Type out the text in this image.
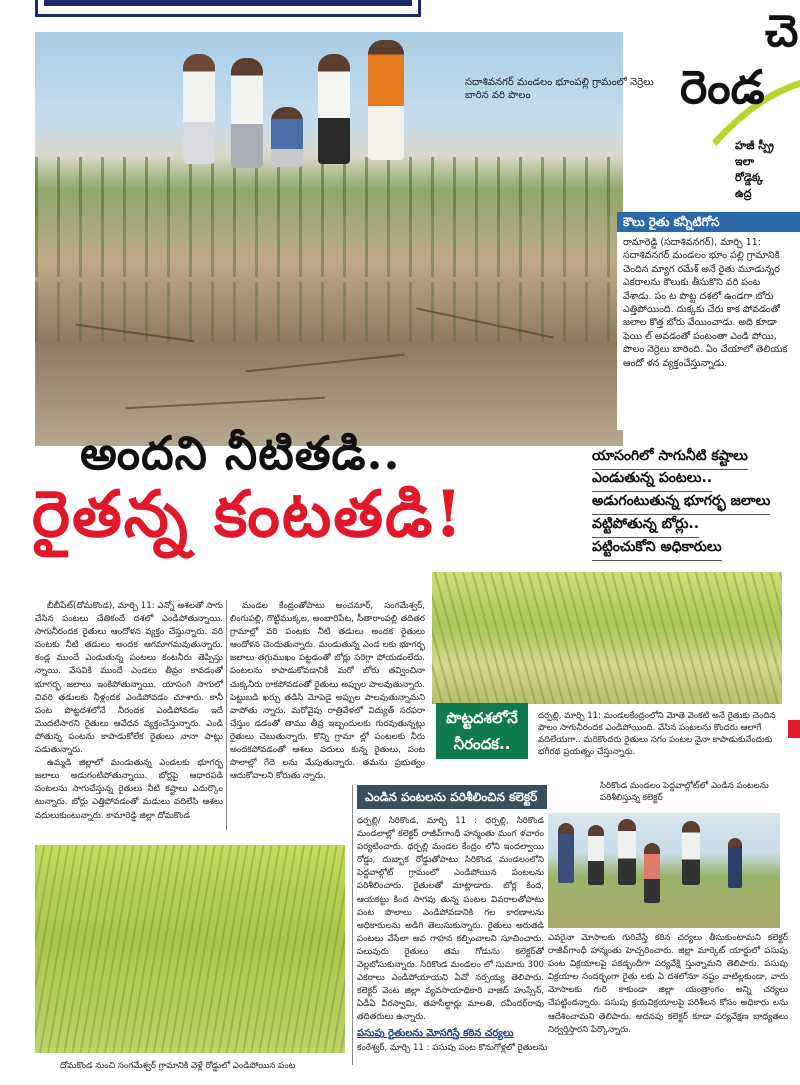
చె
రెండ
హజీ స్ప్రీ
ఇలా
రోడ్డెక్క
ఉద్ర
సదాశివనగర్ మండలం భూంపల్లి గ్రామంలో నెర్రెలు బారిన వరి పొలం
కౌలు రైతు కన్నీటిగోస
రామారెడ్డి (సదాశివనగర్), మార్చి 11: సదాశివనగర్ మండలం భూం పల్లి గ్రామానికి చెందిన మ్యాగ రమేశ్ అనే రైతు మూడున్నర ఎకరాలను కౌలుకు తీసుకొని వరి పంట వేశాడు. పం ట పొట్ట దశలో ఉండగా బోరు ఎత్తిపోయింది. దుక్కకు చేరు కాక పోవడంతో జలాల కొత్త బోరు వేయించాడు. అది కూడా ఫెయి ల్ అవడంతో పంటంతా ఎండి పోయి, పొలం నెర్రెలు బారింది. ఏం చేయాలో తెలియక ఆందో ళన వ్యక్తంచేస్తున్నాడు.
అందని నీటితడి..
రైతన్న కంటతడి!
యాసంగిలో సాగునీటి కష్టాలు
ఎండుతున్న పంటలు..
అడుగంటుతున్న భూగర్భ జలాలు
వట్టిపోతున్న బోర్లు..
పట్టించుకోని అధికారులు

బీబీపేట్(దోమకొండ), మార్చి 11: ఎన్నో ఆశలతో సాగు చేసిన పంటలు చేతికందే దశలో ఎండిపోతున్నాయి. సాగునీరందక రైతులు ఆందోళన వ్యక్తం చేస్తున్నారు. వరి పంటకు నీటి తడులు అందక ఆగమాగమవుతున్నారు. కండ్ల ముందే ఎండుతున్న పంటలు కంటనీరు తెప్పిస్తు న్నాయి. వేసవికి ముందే ఎండలు తీవ్రం కావడంతో భూగర్భ జలాలు ఇంకిపోతున్నాయి. యాసంగి సాగులో చివరి తడులకు నీళ్లందక ఎండిపోవడం చూశారు. కానీ పంట పొట్టదశలోనే నీరందక ఎండిపోవడం ఇదే మొదటిసారని రైతులు ఆవేదన వ్యక్తంచేస్తున్నారు. ఎండి పోతున్న పంటను కాపాడుకోలేక రైతులు నానా పాట్లు పడుతున్నారు.

ఉమ్మడి జిల్లాలో మండుతున్న ఎండలకు భూగర్భ జలాలు అడుగంటిపోతున్నాయి. బోర్లపై ఆధారపడి పంటలను సాగుచేస్తున్న రైతులు నీటి కష్టాలు ఎదుర్కొం టున్నారు. బోర్లు ఎత్తిపోవడంతో మడులు వదిలేసి ఆశలు వదులుకుంటున్నారు. కామారెడ్డి జిల్లా దోమకొండ

మండల కేంద్రంతోపాటు అంచనూర్, సంగమేశ్వర్, లింగుపల్లి, గొట్టిముక్కల, అంబారిపేట, సీతారాంపల్లి తదితర గ్రామాల్లో వరి పంటకు నీటి తడులు అందక రైతులు ఆందోళన చెందుతున్నారు. మండుతున్న ఎండ లకు భూగర్భ జలాలు తగ్గుముఖం పట్టడంతో బోర్లు సరిగ్గా పోయడంలేదు. పంటలను కాపాడుకోవడానికి మరో బోరు తవ్వించినా చుక్కనీరు రాకపోవడంతో రైతులు అప్పుల పాలవుతున్నారు. పెట్టుబడి ఖర్చు తడిసి మోపెడై అప్పుల పాలవుతున్నామని వాపోతు న్నారు. మరోవైపు రాత్రివేళలో విద్యుత్ సరఫరా చేస్తుం డడంతో తాము తీవ్ర ఇబ్బందులకు గురవుతున్నట్లు రైతులు చెబుతున్నారు. కొన్ని గ్రామా ల్లో పంటలకు నీరు అందకపోవడంతో ఆశలు వదులు కున్న రైతులు, పంట పొలాల్లో గేదె లను మేపుతున్నారు. తమను ప్రభుత్వం ఆదుకోవాలని కోరుతు న్నారు.

పొట్టదశలోనే
నీరందక..
దర్పల్లి, మార్చి 11: మండలకేంద్రంలోని మోతె వెంకటి అనే రైతుకు చెందిన పొలం సాగునీరందక ఎండిపోయింది. వేసిన పంటలను కొందరు ఆలాగే వదిలేయగా.. మరికొందరు రైతులు సగం పంటల నైనా కాపాడుకునేందుకు భగీరథ ప్రయత్నం చేస్తున్నారు.
దోమకొండ నుంచి సంగమేశ్వర్ గ్రామానికి వెళ్లే రోడ్డులో ఎండిపోయిన పంట
ఎండిన పంటలను పరిశీలించిన కలెక్టర్
సిరికొండ మండలం పెద్దవాల్గోట్‌లో ఎండిన పంటలను పరిశీలిస్తున్న కలెక్టర్
ధర్పల్లి/ సిరికొండ, మార్చి 11 : ధర్పల్లి, సిరికొండ మండలాల్లో కలెక్టర్ రాజీవ్‌గాంధీ హన్మంతు మంగ ళవారం పర్యటించారు. ధర్పల్లి మండల కేంద్రం లోని ఇందల్వాయి రోడ్డు, దుబ్బాక రోడ్డుతోపాటు సిరికొండ మండలంలోని పెద్దవాల్గోట్ గ్రామంలో ఎండిపోయిన పంటలను పరిశీలించారు. రైతులతో మాట్లాడారు. బోర్ల కింద, ఆయకట్టు కింద సాగవు తున్న పంటల వివరాలతోపాటు పంట పొలాలు ఎండిపోవడానికి గల కారణాలను అధికారులను అడిగి తెలుసుకున్నారు. రైతులు అరుతడి పంటలు వేసేలా అవ గాహన కల్పించాలని సూచించారు. పలువురు రైతులు తమ గోడును కలెక్టర్‌తో వెల్లబోసుకున్నారు. సిరికొండ మండలం లో సుమారు 300 ఎకరాలు ఎండిపోయాయని ఏవో నర్సయ్య తెలిపారు. కలెక్టర్ వెంట జిల్లా వ్యవసాయాధికారి వాజిద్ హుస్సేన్, ఏడీఏ వీరస్వామి, తహసీల్దార్లు మాలతి, రవీందర్‌రావు తదితరులు ఉన్నారు.
ఎవరైనా మోసాలకు గురిచేస్తే కఠిన చర్యలు తీసుకుంటామని కలెక్టర్ రాజీవ్‌గాంధీ హన్మంతు హెచ్చరించారు. జిల్లా మార్కెట్ యార్డులో పసుపు పంట విక్రయాలపై పకడ్బందీగా పర్యవేక్షి స్తున్నామని తెలిపారు. పసుపు విక్రయాల సందర్భంగా రైతు లకు ఏ దశలోనూ నష్టం వాటిల్లకుండా, వారు మోసాలకు గురి కాకుండా జిల్లా యంత్రాంగం అన్ని చర్యలు చేపట్టిందన్నారు. పసుపు క్రయవిక్రయాలపై పరిశీలన కోసం అధికారు లను ఆదేశించామని తెలిపారు. అదనపు కలెక్టర్ కూడా పర్యవేక్షణ బాధ్యతలు నిర్వర్తిస్తారని పేర్కొన్నారు.
పసుపు రైతులను మోసగిస్తే కఠిన చర్యలు
కంఠేశ్వర్, మార్చి 11 : పసుపు పంట కొనుగోళ్లలో రైతులను
